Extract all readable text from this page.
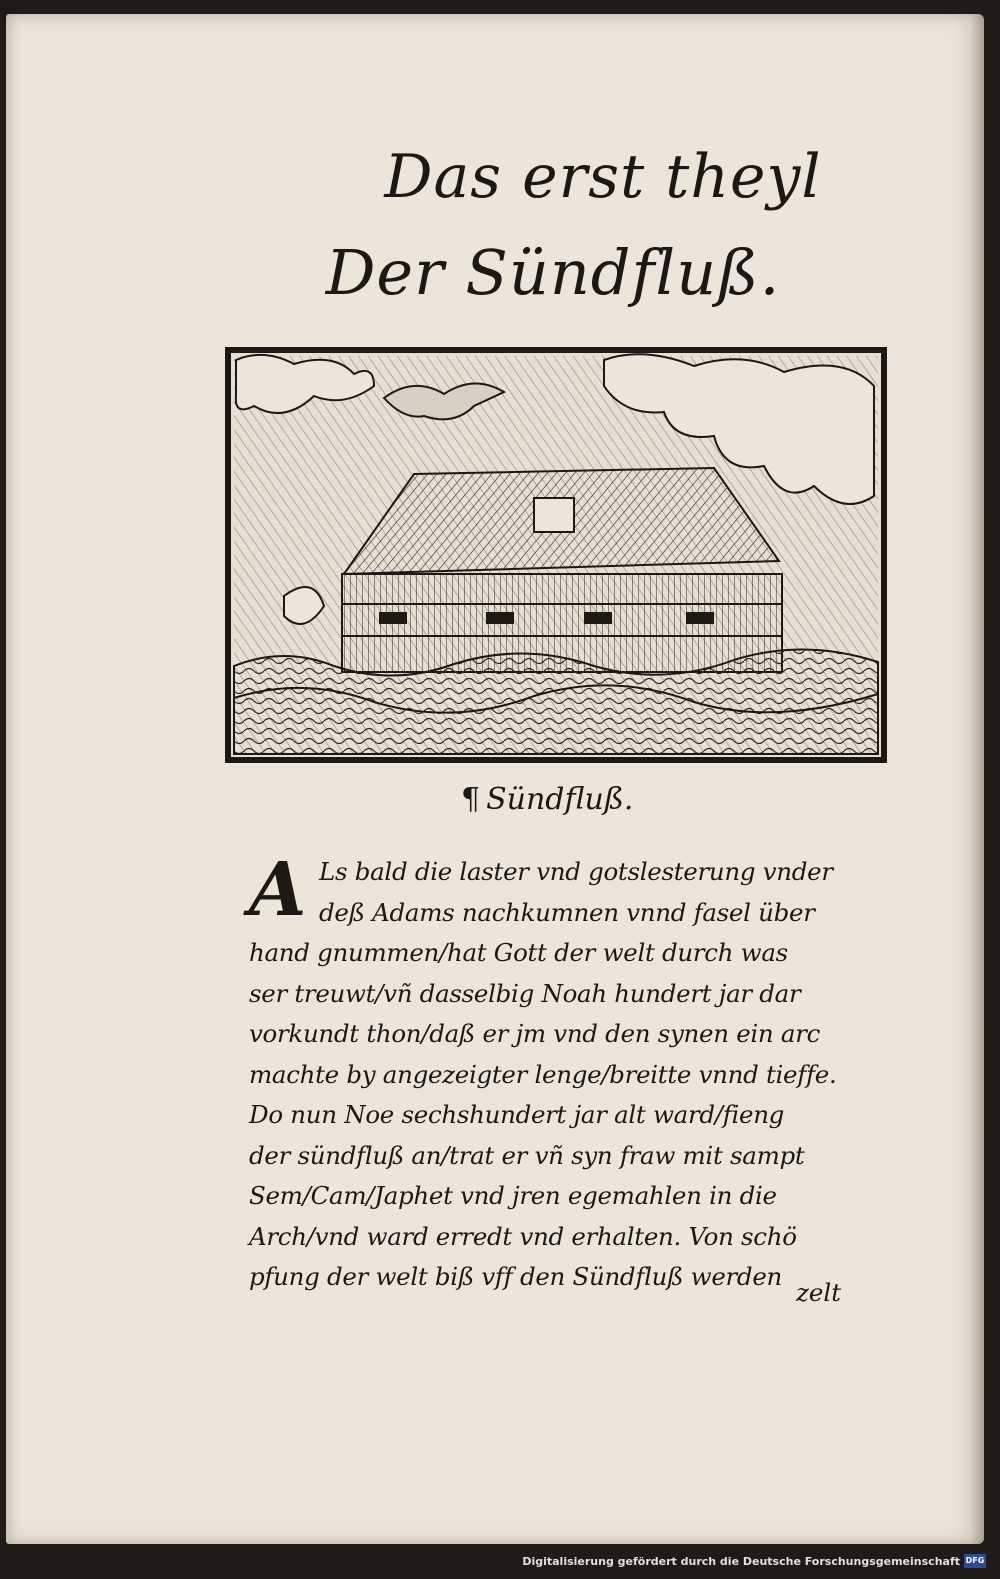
Das erst theyl
Der Sündfluß.
¶ Sündfluß.
A Ls bald die laster vnd gotslesterung vnder
deß Adams nachkumnen vnnd fasel über
hand gnummen/hat Gott der welt durch was
ser treuwt/vñ dasselbig Noah hundert jar dar
vorkundt thon/daß er jm vnd den synen ein arc
machte by angezeigter lenge/breitte vnnd tieffe.
Do nun Noe sechshundert jar alt ward/fieng
der sündfluß an/trat er vñ syn fraw mit sampt
Sem/Cam/Japhet vnd jren egemahlen in die
Arch/vnd ward erredt vnd erhalten. Von schö
pfung der welt biß vff den Sündfluß werden
zelt
Digitalisierung gefördert durch die Deutsche Forschungsgemeinschaft DFG
